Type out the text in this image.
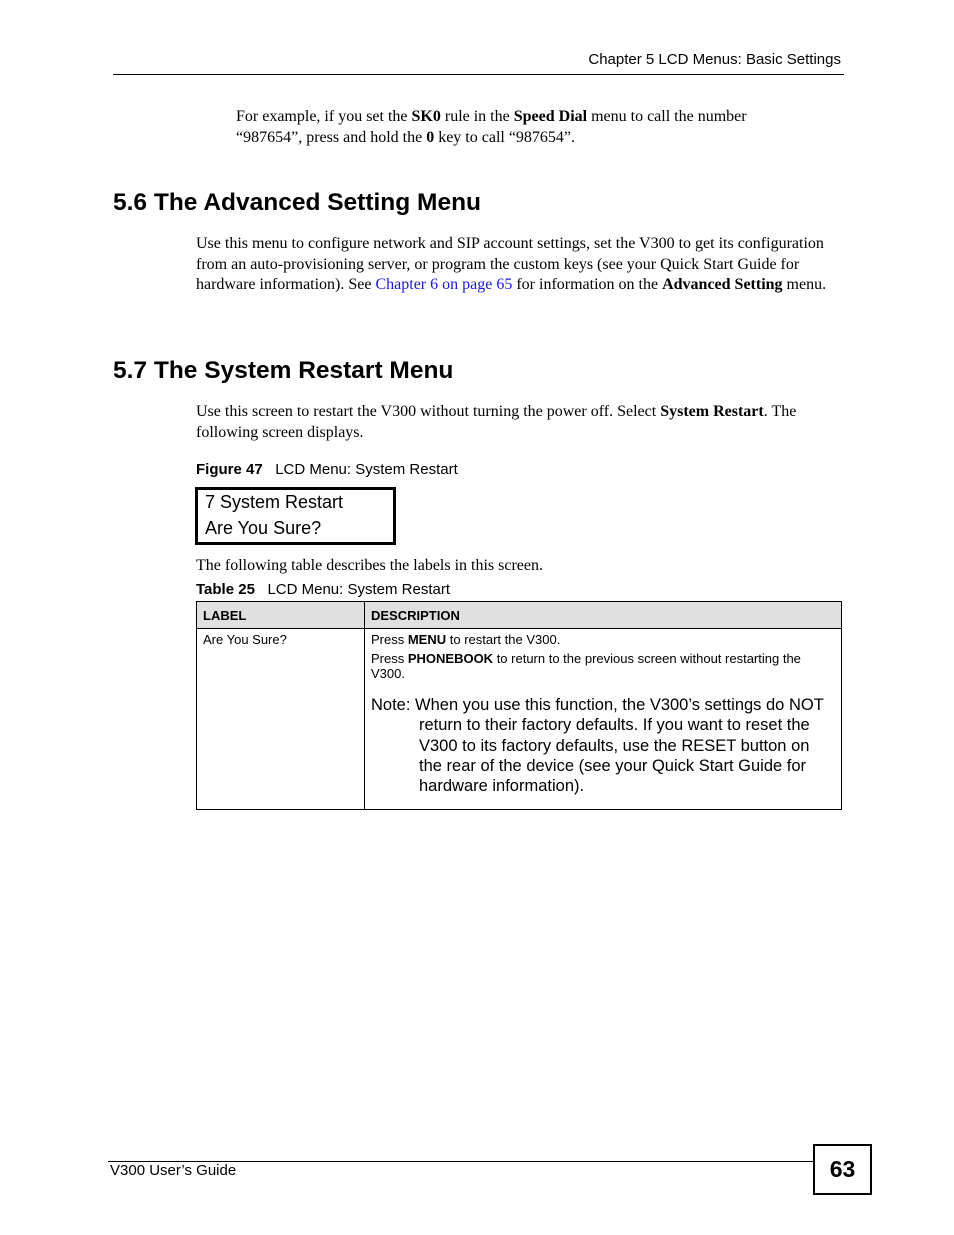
Chapter 5 LCD Menus: Basic Settings
For example, if you set the SK0 rule in the Speed Dial menu to call the number “987654”, press and hold the 0 key to call “987654”.
5.6 The Advanced Setting Menu
Use this menu to configure network and SIP account settings, set the V300 to get its configuration from an auto-provisioning server, or program the custom keys (see your Quick Start Guide for hardware information). See Chapter 6 on page 65 for information on the Advanced Setting menu.
5.7 The System Restart Menu
Use this screen to restart the V300 without turning the power off. Select System Restart. The following screen displays.
Figure 47 LCD Menu: System Restart
7 System Restart
Are You Sure?
The following table describes the labels in this screen.
Table 25 LCD Menu: System Restart
LABEL	DESCRIPTION
Are You Sure?	Press MENU to restart the V300.
Press PHONEBOOK to return to the previous screen without restarting the V300.
Note: When you use this function, the V300’s settings do NOT return to their factory defaults. If you want to reset the V300 to its factory defaults, use the RESET button on the rear of the device (see your Quick Start Guide for hardware information).
V300 User’s Guide	63
